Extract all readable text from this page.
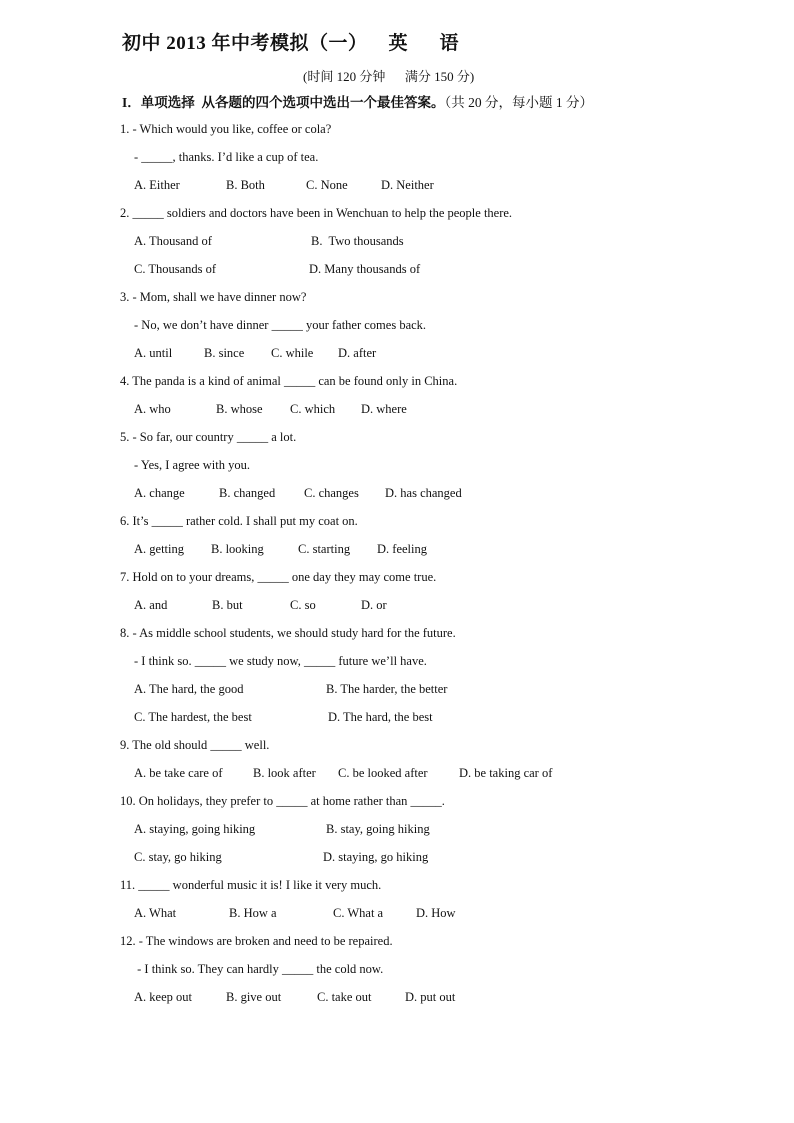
初中 2013 年中考模拟（一）    英      语
(时间 120 分钟      满分 150 分)
I．单项选择  从各题的四个选项中选出一个最佳答案。（共 20 分，每小题 1 分）
1. - Which would you like, coffee or cola?
- _____, thanks. I’d like a cup of tea.
A. Either	B. Both	C. None	D. Neither
2. _____ soldiers and doctors have been in Wenchuan to help the people there.
A. Thousand of	B.  Two thousands
C. Thousands of	D. Many thousands of
3. - Mom, shall we have dinner now?
- No, we don’t have dinner _____ your father comes back.
A. until	B. since C. while D. after
4. The panda is a kind of animal _____ can be found only in China.
A. who	B. whose C. which D. where
5. - So far, our country _____ a lot.
- Yes, I agree with you.
A. change	B. changed C. changes D. has changed
6. It’s _____ rather cold. I shall put my coat on.
A. getting B. looking	C. starting D. feeling
7. Hold on to your dreams, _____ one day they may come true.
A. and	B. but	C. so	D. or
8. - As middle school students, we should study hard for the future.
- I think so. _____ we study now, _____ future we’ll have.
A. The hard, the good	B. The harder, the better
C. The hardest, the best	D. The hard, the best
9. The old should _____ well.
A. be take care of B. look after C. be looked after	D. be taking car of
10. On holidays, they prefer to _____ at home rather than _____.
A. staying, going hiking	B. stay, going hiking
C. stay, go hiking	D. staying, go hiking
11. _____ wonderful music it is! I like it very much.
A. What	B. How a	C. What a	D. How
12. - The windows are broken and need to be repaired.
- I think so. They can hardly _____ the cold now.
A. keep out	B. give out	C. take out	D. put out
